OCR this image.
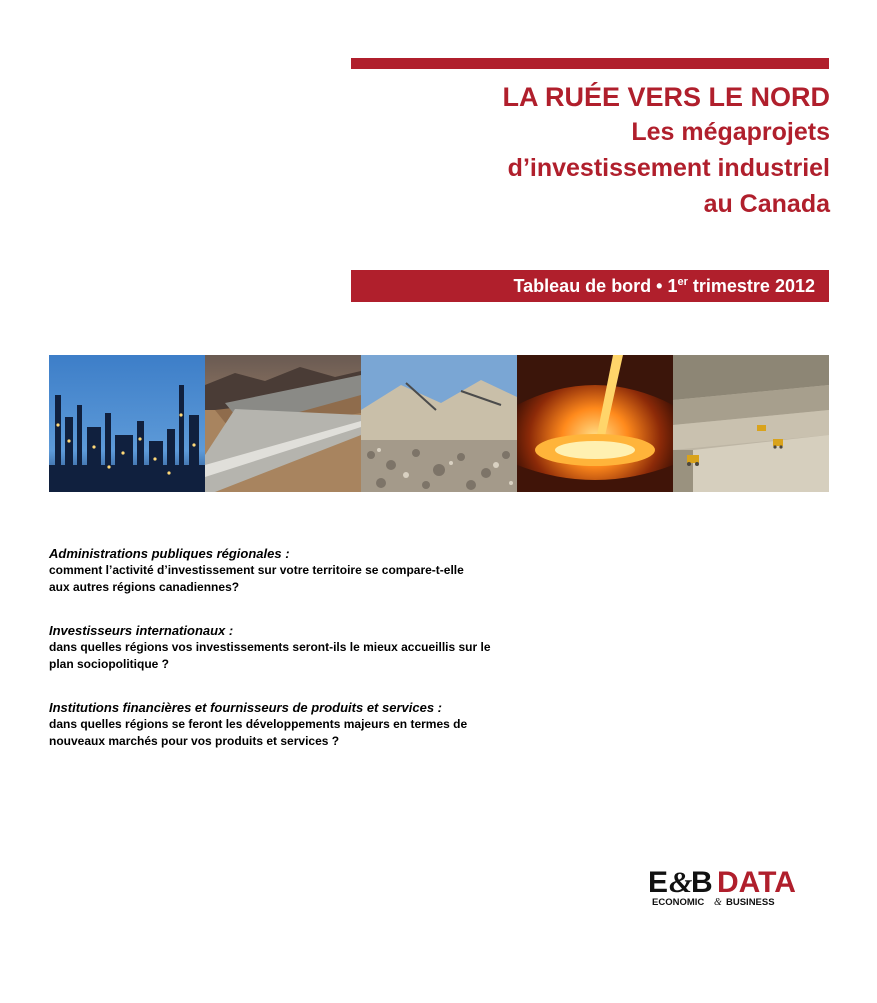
LA RUÉE VERS LE NORD

Les mégaprojets

d’investissement industriel

au Canada

Tableau de bord • 1er trimestre 2012

Administrations publiques régionales :

comment l’activité d’investissement sur votre territoire se compare-t-elle

aux autres régions canadiennes?

Investisseurs internationaux :

dans quelles régions vos investissements seront-ils le mieux accueillis sur le

plan sociopolitique ?

Institutions financières et fournisseurs de produits et services :

dans quelles régions se feront les développements majeurs en termes de

nouveaux marchés pour vos produits et services ?

E &
B DATA
ECONOMIC & BUSINESS
